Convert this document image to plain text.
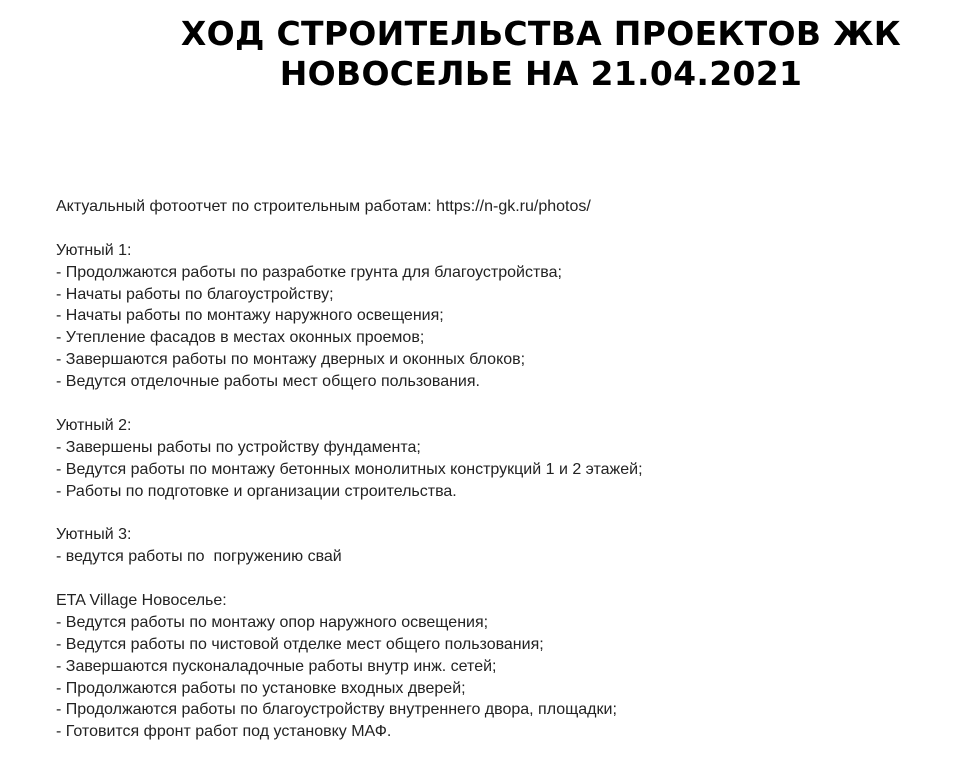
ХОД СТРОИТЕЛЬСТВА ПРОЕКТОВ ЖК
НОВОСЕЛЬЕ НА 21.04.2021
Актуальный фотоотчет по строительным работам: https://n-gk.ru/photos/
Уютный 1:
- Продолжаются работы по разработке грунта для благоустройства;
- Начаты работы по благоустройству;
- Начаты работы по монтажу наружного освещения;
- Утепление фасадов в местах оконных проемов;
- Завершаются работы по монтажу дверных и оконных блоков;
- Ведутся отделочные работы мест общего пользования.
Уютный 2:
- Завершены работы по устройству фундамента;
- Ведутся работы по монтажу бетонных монолитных конструкций 1 и 2 этажей;
- Работы по подготовке и организации строительства.
Уютный 3:
- ведутся работы по  погружению свай
ETA Village Новоселье:
- Ведутся работы по монтажу опор наружного освещения;
- Ведутся работы по чистовой отделке мест общего пользования;
- Завершаются пусконаладочные работы внутр инж. сетей;
- Продолжаются работы по установке входных дверей;
- Продолжаются работы по благоустройству внутреннего двора, площадки;
- Готовится фронт работ под установку МАФ.
